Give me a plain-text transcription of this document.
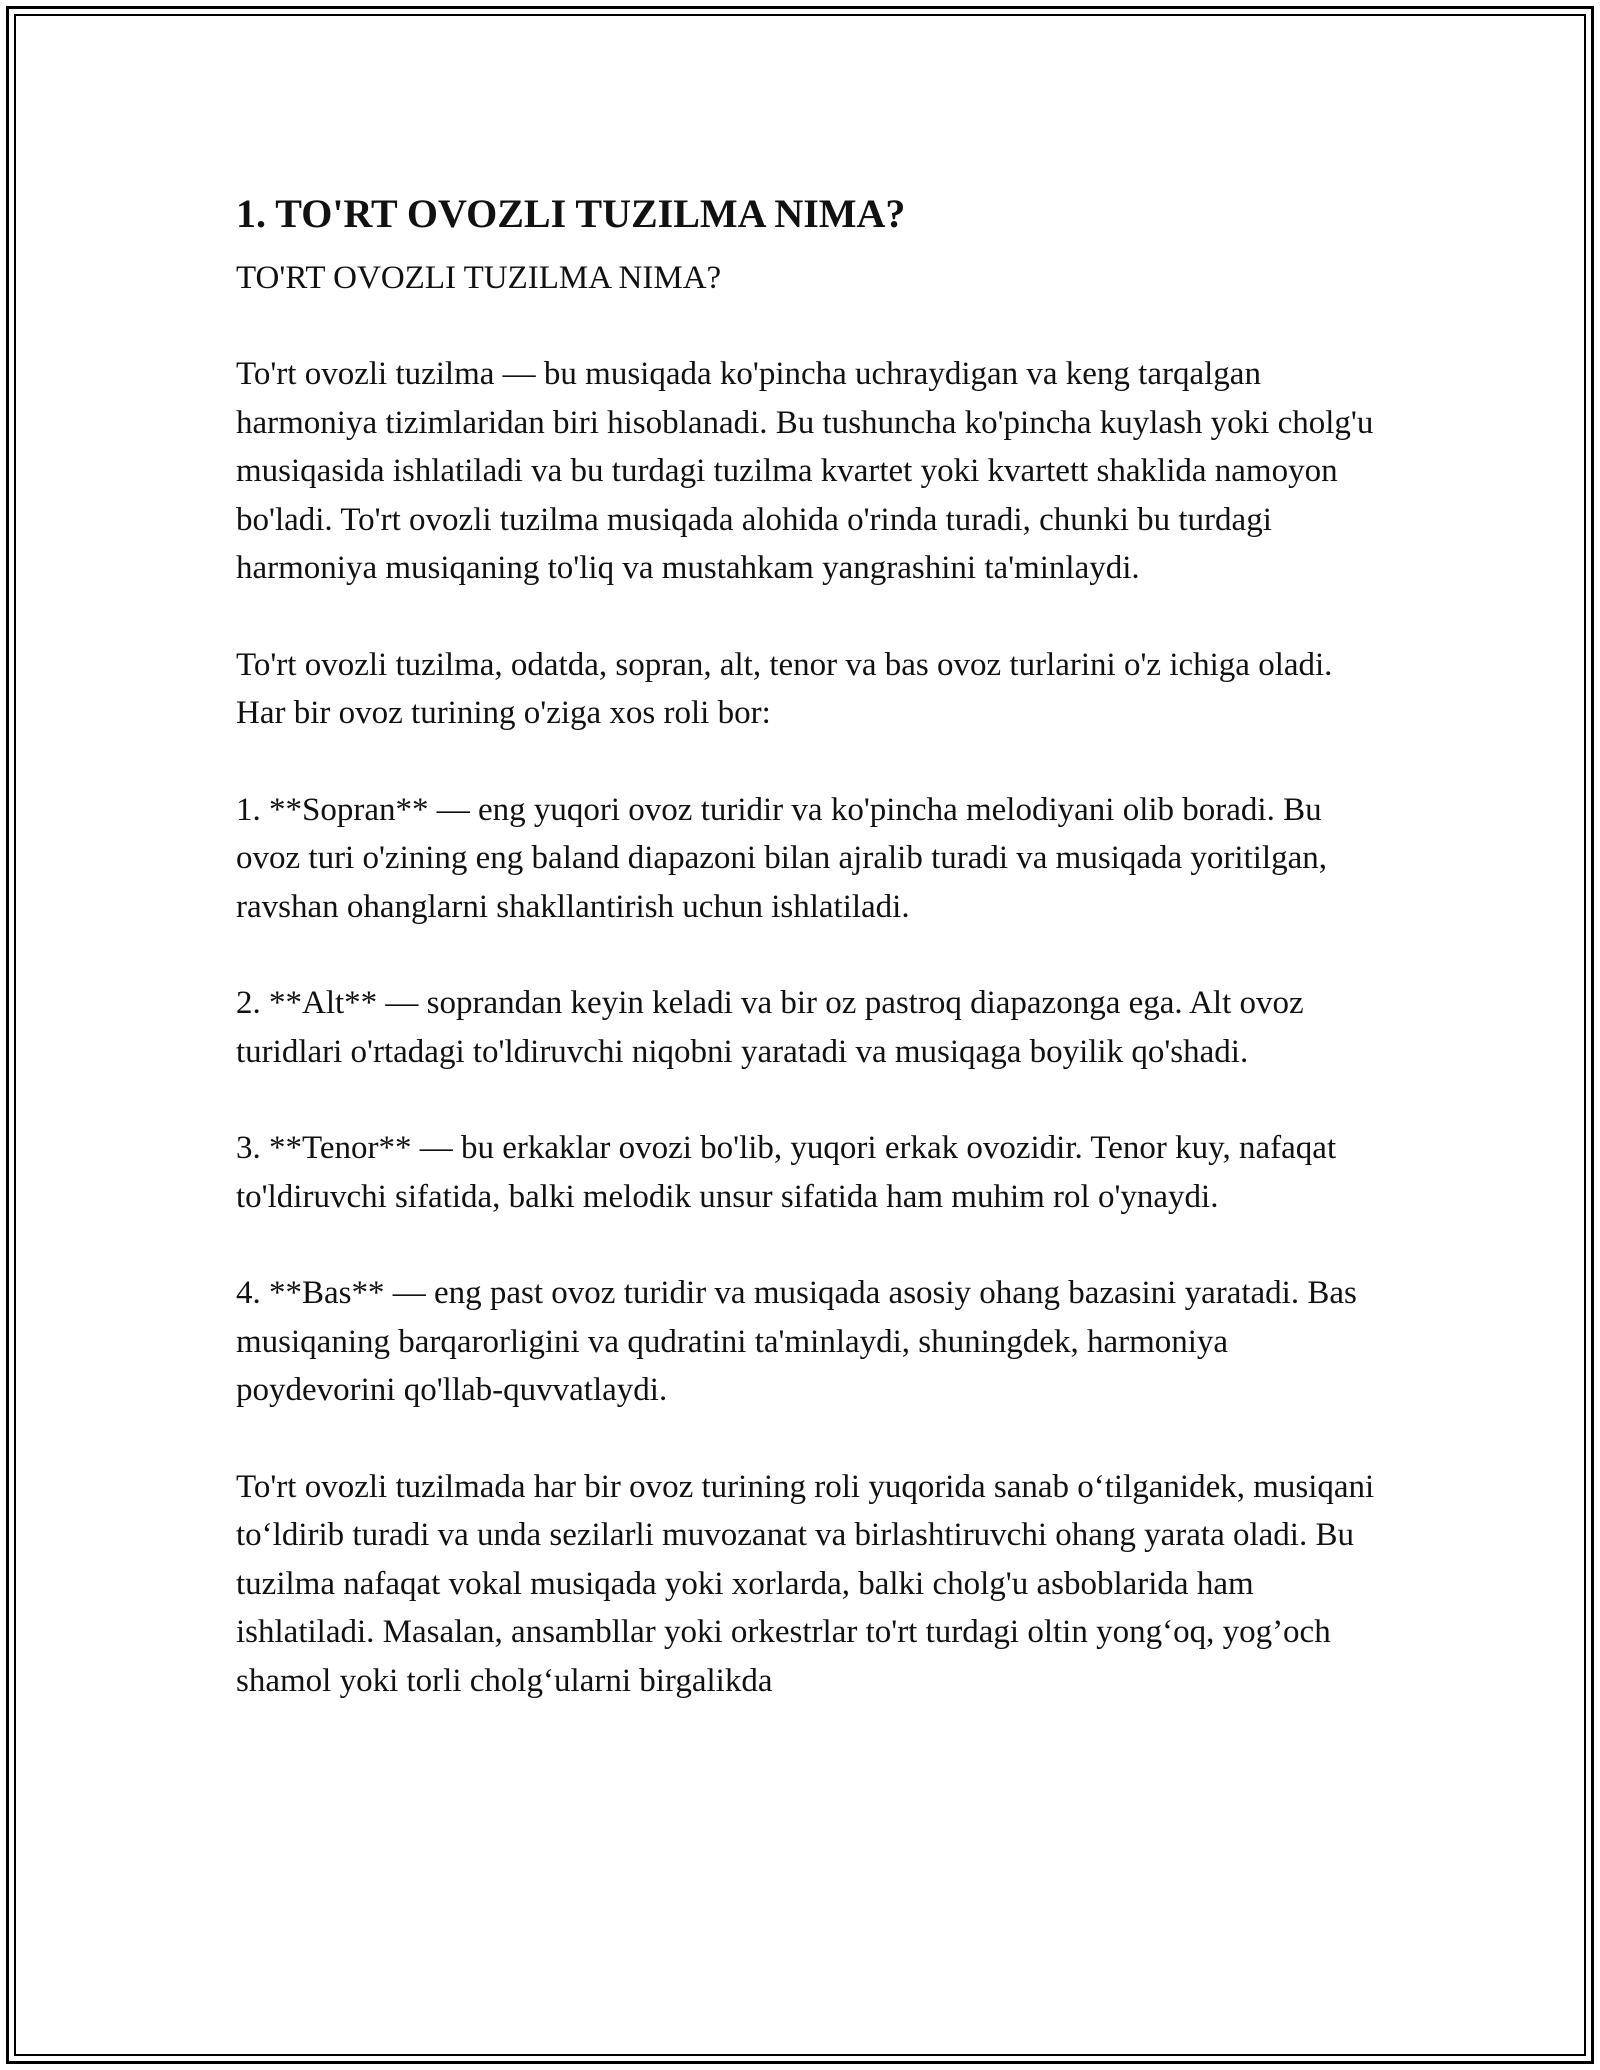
1. TO'RT OVOZLI TUZILMA NIMA?

TO'RT OVOZLI TUZILMA NIMA?

To'rt ovozli tuzilma — bu musiqada ko'pincha uchraydigan va keng tarqalgan harmoniya tizimlaridan biri hisoblanadi. Bu tushuncha ko'pincha kuylash yoki cholg'u musiqasida ishlatiladi va bu turdagi tuzilma kvartet yoki kvartett shaklida namoyon bo'ladi. To'rt ovozli tuzilma musiqada alohida o'rinda turadi, chunki bu turdagi harmoniya musiqaning to'liq va mustahkam yangrashini ta'minlaydi.

To'rt ovozli tuzilma, odatda, sopran, alt, tenor va bas ovoz turlarini o'z ichiga oladi. Har bir ovoz turining o'ziga xos roli bor:

1. **Sopran** — eng yuqori ovoz turidir va ko'pincha melodiyani olib boradi. Bu ovoz turi o'zining eng baland diapazoni bilan ajralib turadi va musiqada yoritilgan, ravshan ohanglarni shakllantirish uchun ishlatiladi.

2. **Alt** — soprandan keyin keladi va bir oz pastroq diapazonga ega. Alt ovoz turidlari o'rtadagi to'ldiruvchi niqobni yaratadi va musiqaga boyilik qo'shadi.

3. **Tenor** — bu erkaklar ovozi bo'lib, yuqori erkak ovozidir. Tenor kuy, nafaqat to'ldiruvchi sifatida, balki melodik unsur sifatida ham muhim rol o'ynaydi.

4. **Bas** — eng past ovoz turidir va musiqada asosiy ohang bazasini yaratadi. Bas musiqaning barqarorligini va qudratini ta'minlaydi, shuningdek, harmoniya poydevorini qo'llab-quvvatlaydi.

To'rt ovozli tuzilmada har bir ovoz turining roli yuqorida sanab o‘tilganidek, musiqani to‘ldirib turadi va unda sezilarli muvozanat va birlashtiruvchi ohang yarata oladi. Bu tuzilma nafaqat vokal musiqada yoki xorlarda, balki cholg'u asboblarida ham ishlatiladi. Masalan, ansambllar yoki orkestrlar to'rt turdagi oltin yong‘oq, yog’och shamol yoki torli cholg‘ularni birgalikda
